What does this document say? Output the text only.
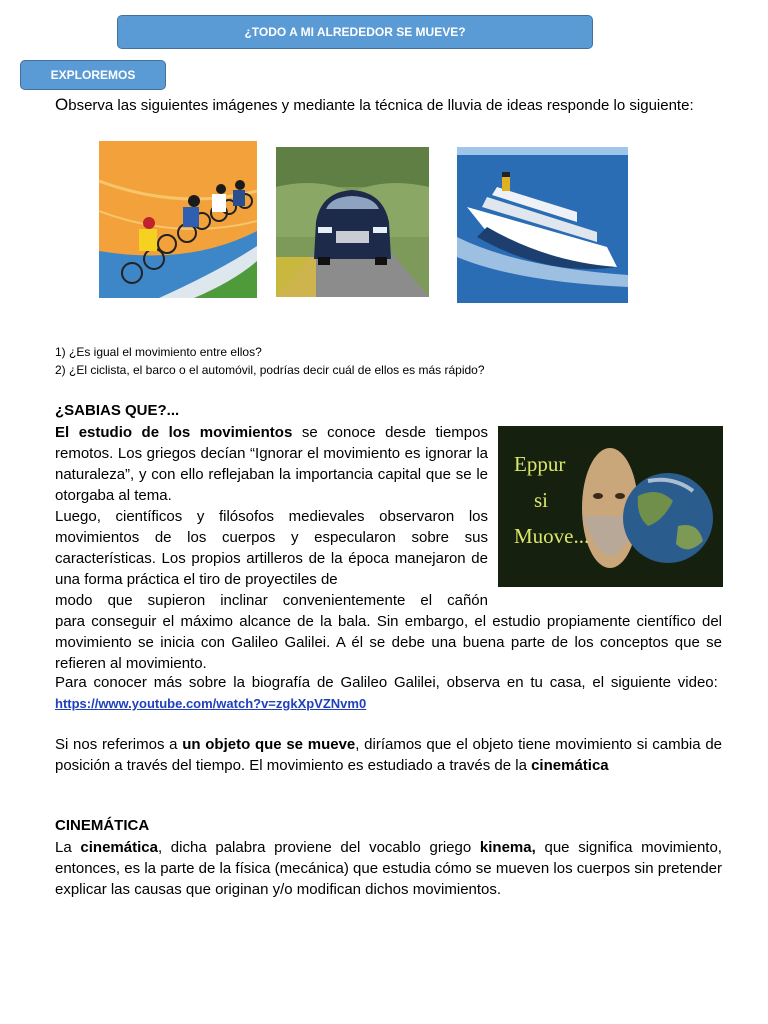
¿TODO A MI ALREDEDOR SE MUEVE?
EXPLOREMOS

Observa las siguientes imágenes y mediante la técnica de lluvia de ideas responde lo siguiente:

Eppur
si
Muove...

1) ¿Es igual el movimiento entre ellos?

2) ¿El ciclista, el barco o el automóvil, podrías decir cuál de ellos es más rápido?

¿SABIAS QUE?...

El estudio de los movimientos se conoce desde tiempos remotos. Los griegos decían “Ignorar el movimiento es ignorar la naturaleza”, y con ello reflejaban la importancia capital que se le otorgaba al tema.

Luego, científicos y filósofos medievales observaron los movimientos de los cuerpos y especularon sobre sus características. Los propios artilleros de la época manejaron de una forma práctica el tiro de proyectiles de

modo que supieron inclinar convenientemente el cañón

para conseguir el máximo alcance de la bala. Sin embargo, el estudio propiamente científico del movimiento se inicia con Galileo Galilei. A él se debe una buena parte de los conceptos que se refieren al movimiento.

Para conocer más sobre la biografía de Galileo Galilei, observa en tu casa, el siguiente video:  https://www.youtube.com/watch?v=zgkXpVZNvm0

Si nos referimos a un objeto que se mueve, diríamos que el objeto tiene movimiento si cambia de posición a través del tiempo. El movimiento es estudiado a través de la cinemática

CINEMÁTICA

La cinemática, dicha palabra proviene del vocablo griego kinema, que significa movimiento, entonces, es la parte de la física (mecánica) que estudia cómo se mueven los cuerpos sin pretender explicar las causas que originan y/o modifican dichos movimientos.
